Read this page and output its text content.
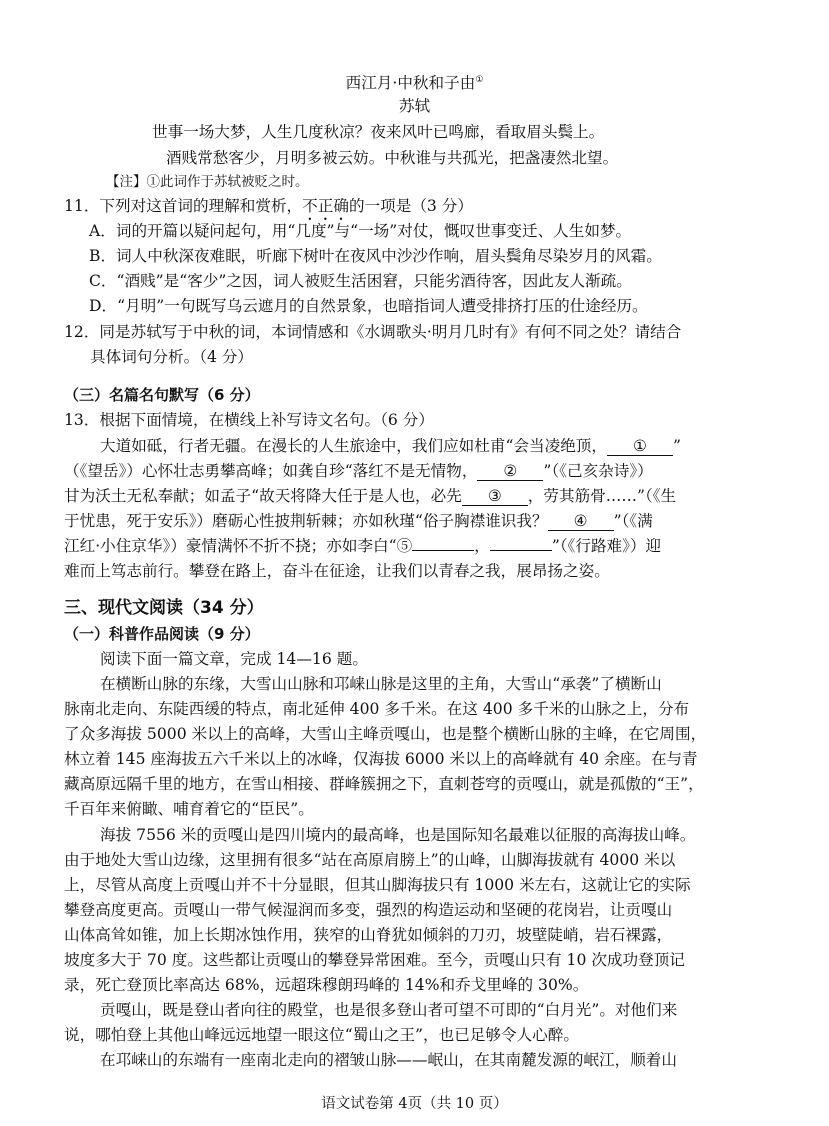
西江月·中秋和子由①
苏轼
世事一场大梦，人生几度秋凉？夜来风叶已鸣廊，看取眉头鬓上。
酒贱常愁客少，月明多被云妨。中秋谁与共孤光，把盏凄然北望。
【注】①此词作于苏轼被贬之时。
11．下列对这首词的理解和赏析，不正确的一项是（3 分）
A．词的开篇以疑问起句，用“几度”与“一场”对仗，慨叹世事变迁、人生如梦。
B．词人中秋深夜难眠，听廊下树叶在夜风中沙沙作响，眉头鬓角尽染岁月的风霜。
C．“酒贱”是“客少”之因，词人被贬生活困窘，只能劣酒待客，因此友人渐疏。
D．“月明”一句既写乌云遮月的自然景象，也暗指词人遭受排挤打压的仕途经历。
12．同是苏轼写于中秋的词，本词情感和《水调歌头·明月几时有》有何不同之处？请结合
具体词句分析。（4 分）
（三）名篇名句默写（6 分）
13．根据下面情境，在横线上补写诗文名句。（6 分）
大道如砥，行者无疆。在漫长的人生旅途中，我们应如杜甫“会当凌绝顶， ① ”
（《望岳》）心怀壮志勇攀高峰；如龚自珍“落红不是无情物， ② ”（《己亥杂诗》）
甘为沃土无私奉献；如孟子“故天将降大任于是人也，必先 ③ ，劳其筋骨……”（《生
于忧患，死于安乐》）磨砺心性披荆斩棘；亦如秋瑾“俗子胸襟谁识我？ ④ ”（《满
江红·小住京华》）豪情满怀不折不挠；亦如李白“⑤	，	”（《行路难》）迎
难而上笃志前行。攀登在路上，奋斗在征途，让我们以青春之我，展昂扬之姿。
三、现代文阅读（34 分）
（一）科普作品阅读（9 分）
阅读下面一篇文章，完成 14—16 题。
在横断山脉的东缘，大雪山山脉和邛崃山脉是这里的主角，大雪山“承袭”了横断山
脉南北走向、东陡西缓的特点，南北延伸 400 多千米。在这 400 多千米的山脉之上，分布
了众多海拔 5000 米以上的高峰，大雪山主峰贡嘎山，也是整个横断山脉的主峰，在它周围，
林立着 145 座海拔五六千米以上的冰峰，仅海拔 6000 米以上的高峰就有 40 余座。在与青
藏高原远隔千里的地方，在雪山相接、群峰簇拥之下，直刺苍穹的贡嘎山，就是孤傲的“王”，
千百年来俯瞰、哺育着它的“臣民”。
海拔 7556 米的贡嘎山是四川境内的最高峰，也是国际知名最难以征服的高海拔山峰。
由于地处大雪山边缘，这里拥有很多“站在高原肩膀上”的山峰，山脚海拔就有 4000 米以
上，尽管从高度上贡嘎山并不十分显眼，但其山脚海拔只有 1000 米左右，这就让它的实际
攀登高度更高。贡嘎山一带气候湿润而多变，强烈的构造运动和坚硬的花岗岩，让贡嘎山
山体高耸如锥，加上长期冰蚀作用，狭窄的山脊犹如倾斜的刀刃，坡壁陡峭，岩石裸露，
坡度多大于 70 度。这些都让贡嘎山的攀登异常困难。至今，贡嘎山只有 10 次成功登顶记
录，死亡登顶比率高达 68%，远超珠穆朗玛峰的 14%和乔戈里峰的 30%。
贡嘎山，既是登山者向往的殿堂，也是很多登山者可望不可即的“白月光”。对他们来
说，哪怕登上其他山峰远远地望一眼这位“蜀山之王”，也已足够令人心醉。
在邛崃山的东端有一座南北走向的褶皱山脉——岷山，在其南麓发源的岷江，顺着山
语文试卷第 4页（共 10 页）
